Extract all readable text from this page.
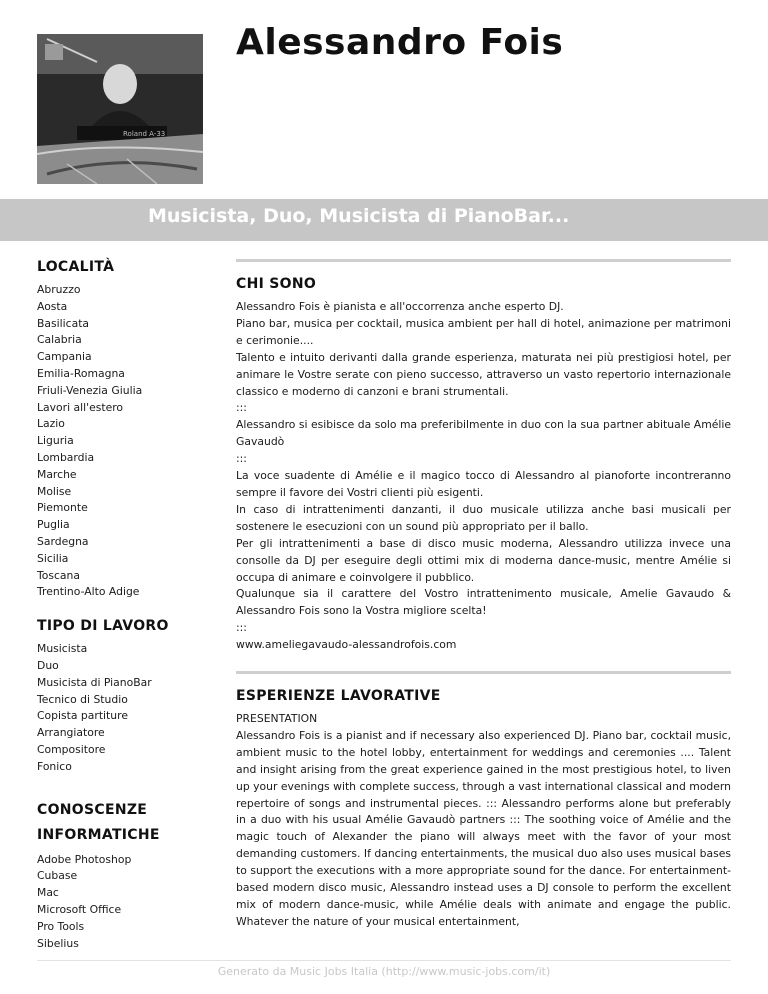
Roland A-33
Alessandro Fois
Musicista, Duo, Musicista di PianoBar...
LOCALITÀ
Abruzzo
Aosta
Basilicata
Calabria
Campania
Emilia-Romagna
Friuli-Venezia Giulia
Lavori all'estero
Lazio
Liguria
Lombardia
Marche
Molise
Piemonte
Puglia
Sardegna
Sicilia
Toscana
Trentino-Alto Adige
TIPO DI LAVORO
Musicista
Duo
Musicista di PianoBar
Tecnico di Studio
Copista partiture
Arrangiatore
Compositore
Fonico
CONOSCENZE
INFORMATICHE
Adobe Photoshop
Cubase
Mac
Microsoft Office
Pro Tools
Sibelius
CHI SONO

Alessandro Fois è pianista e all'occorrenza anche esperto DJ.
Piano bar, musica per cocktail, musica ambient per hall di hotel, animazione per matrimoni e cerimonie....
Talento e intuito derivanti dalla grande esperienza, maturata nei più prestigiosi hotel, per animare le Vostre serate con pieno successo, attraverso un vasto repertorio internazionale classico e moderno di canzoni e brani strumentali.
:::
Alessandro si esibisce da solo ma preferibilmente in duo con la sua partner abituale Amélie Gavaudò
:::
La voce suadente di Amélie e il magico tocco di Alessandro al pianoforte incontreranno sempre il favore dei Vostri clienti più esigenti.
In caso di intrattenimenti danzanti, il duo musicale utilizza anche basi musicali per sostenere le esecuzioni con un sound più appropriato per il ballo.
Per gli intrattenimenti a base di disco music moderna, Alessandro utilizza invece una consolle da DJ per eseguire degli ottimi mix di moderna dance-music, mentre Amélie si occupa di animare e coinvolgere il pubblico.
Qualunque sia il carattere del Vostro intrattenimento musicale, Amelie Gavaudo & Alessandro Fois sono la Vostra migliore scelta!
:::
www.ameliegavaudo-alessandrofois.com

ESPERIENZE LAVORATIVE

PRESENTATION
Alessandro Fois is a pianist and if necessary also experienced DJ. Piano bar, cocktail music, ambient music to the hotel lobby, entertainment for weddings and ceremonies .... Talent and insight arising from the great experience gained in the most prestigious hotel, to liven up your evenings with complete success, through a vast international classical and modern repertoire of songs and instrumental pieces. ::: Alessandro performs alone but preferably in a duo with his usual Amélie Gavaudò partners ::: The soothing voice of Amélie and the magic touch of Alexander the piano will always meet with the favor of your most demanding customers. If dancing entertainments, the musical duo also uses musical bases to support the executions with a more appropriate sound for the dance. For entertainment-based modern disco music, Alessandro instead uses a DJ console to perform the excellent mix of modern dance-music, while Amélie deals with animate and engage the public. Whatever the nature of your musical entertainment,

Generato da Music Jobs Italia (http://www.music-jobs.com/it)
